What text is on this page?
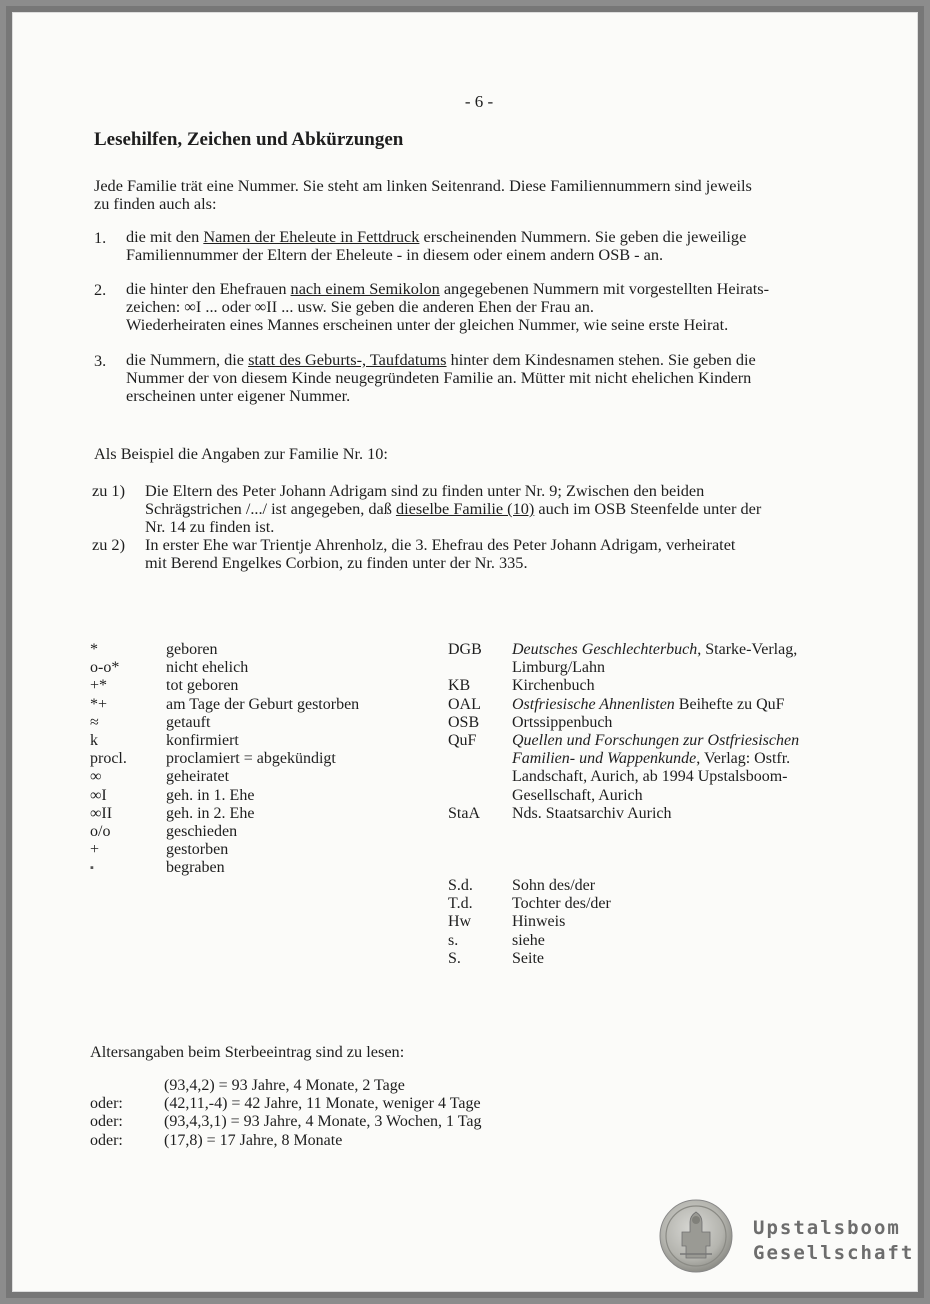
- 6 -
Lesehilfen, Zeichen und Abkürzungen
Jede Familie trät eine Nummer. Sie steht am linken Seitenrand. Diese Familiennummern sind jeweils
zu finden auch als:
1. die mit den Namen der Eheleute in Fettdruck erscheinenden Nummern. Sie geben die jeweilige
Familiennummer der Eltern der Eheleute - in diesem oder einem andern OSB - an.
2. die hinter den Ehefrauen nach einem Semikolon angegebenen Nummern mit vorgestellten Heirats-
zeichen: ∞I ... oder ∞II ... usw. Sie geben die anderen Ehen der Frau an.
Wiederheiraten eines Mannes erscheinen unter der gleichen Nummer, wie seine erste Heirat.
3. die Nummern, die statt des Geburts-, Taufdatums hinter dem Kindesnamen stehen. Sie geben die
Nummer der von diesem Kinde neugegründeten Familie an. Mütter mit nicht ehelichen Kindern
erscheinen unter eigener Nummer.
Als Beispiel die Angaben zur Familie Nr. 10:
zu 1) Die Eltern des Peter Johann Adrigam sind zu finden unter Nr. 9; Zwischen den beiden
Schrägstrichen /.../ ist angegeben, daß dieselbe Familie (10) auch im OSB Steenfelde unter der
Nr. 14 zu finden ist.
zu 2) In erster Ehe war Trientje Ahrenholz, die 3. Ehefrau des Peter Johann Adrigam, verheiratet
mit Berend Engelkes Corbion, zu finden unter der Nr. 335.
*
o-o*
+*
*+
≈
k
procl.
∞
∞I
∞II
o/o
+
▪
geboren
nicht ehelich
tot geboren
am Tage der Geburt gestorben
getauft
konfirmiert
proclamiert = abgekündigt
geheiratet
geh. in 1. Ehe
geh. in 2. Ehe
geschieden
gestorben
begraben
DGB

KB
OAL
OSB
QuF

StaA
Deutsches Geschlechterbuch, Starke-Verlag,
Limburg/Lahn
Kirchenbuch
Ostfriesische Ahnenlisten Beihefte zu QuF
Ortssippenbuch
Quellen und Forschungen zur Ostfriesischen
Familien- und Wappenkunde, Verlag: Ostfr.
Landschaft, Aurich, ab 1994 Upstalsboom-
Gesellschaft, Aurich
Nds. Staatsarchiv Aurich
S.d.
T.d.
Hw
s.
S.
Sohn des/der
Tochter des/der
Hinweis
siehe
Seite
Altersangaben beim Sterbeeintrag sind zu lesen:

oder:
oder:
oder:
(93,4,2) = 93 Jahre, 4 Monate, 2 Tage
(42,11,-4) = 42 Jahre, 11 Monate, weniger 4 Tage
(93,4,3,1) = 93 Jahre, 4 Monate, 3 Wochen, 1 Tag
(17,8) = 17 Jahre, 8 Monate
Upstalsboom
Gesellschaft
